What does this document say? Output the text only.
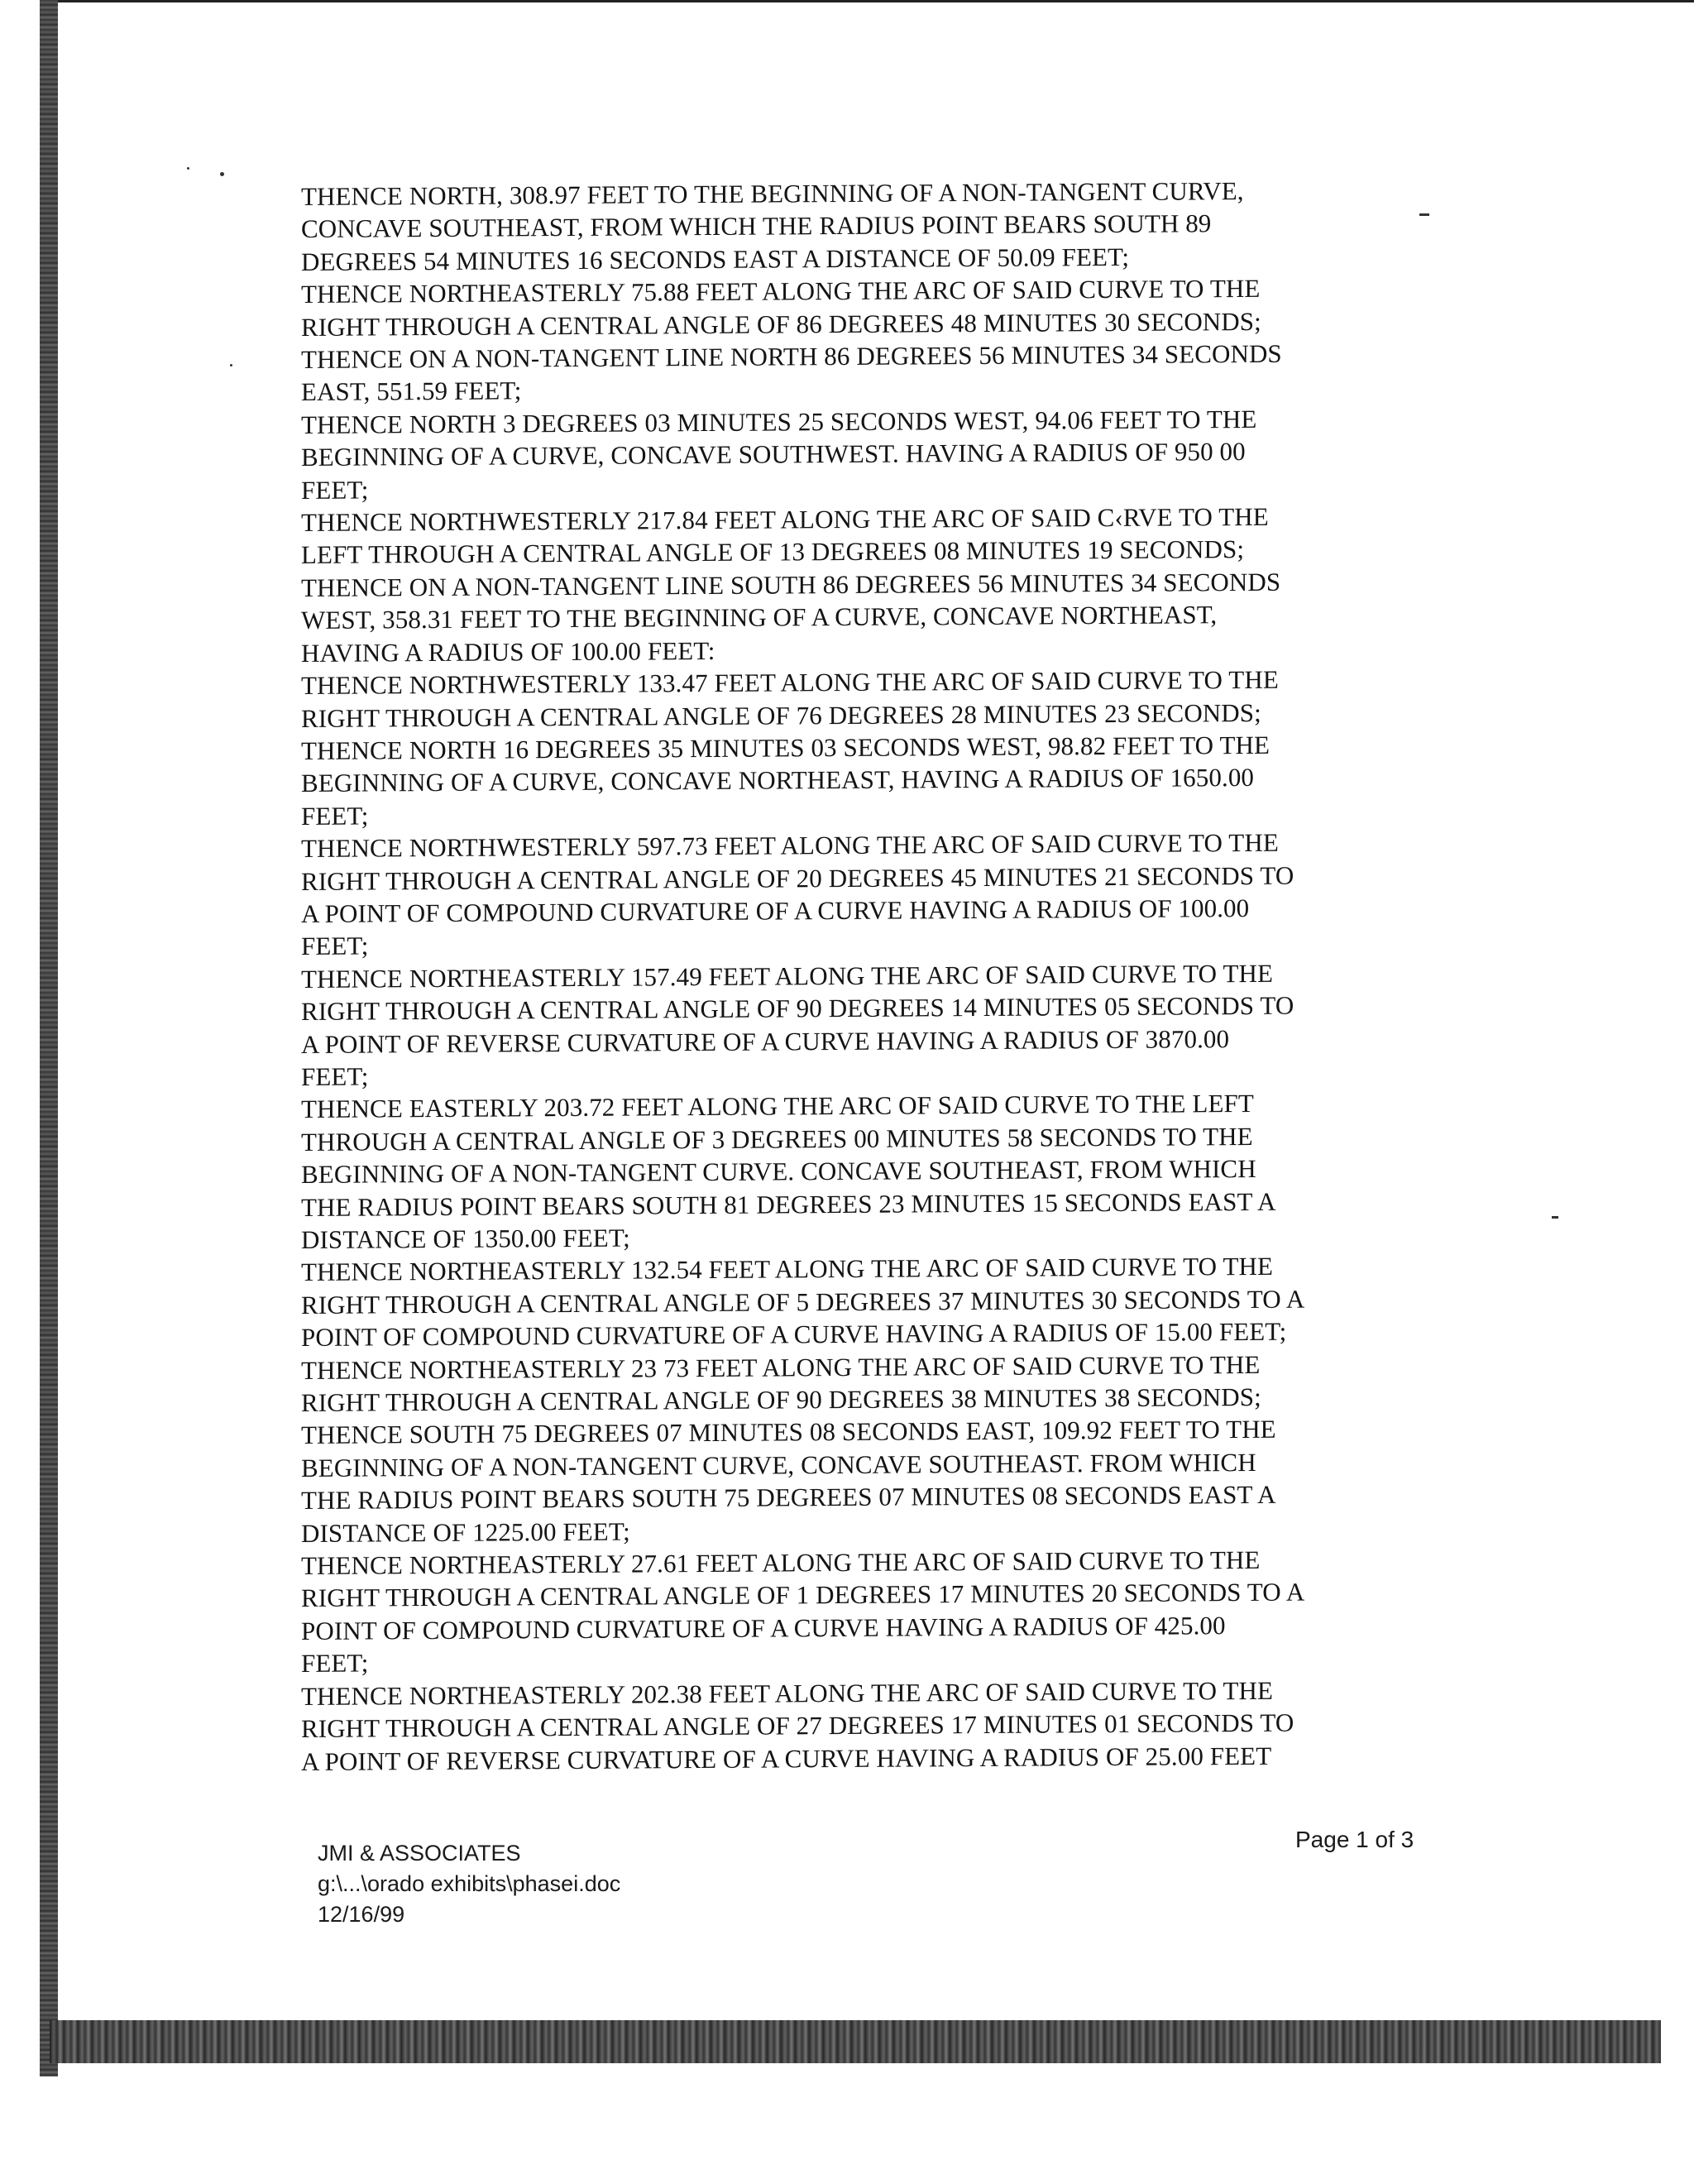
THENCE NORTH, 308.97 FEET TO THE BEGINNING OF A NON-TANGENT CURVE,

CONCAVE SOUTHEAST, FROM WHICH THE RADIUS POINT BEARS SOUTH 89

DEGREES 54 MINUTES 16 SECONDS EAST A DISTANCE OF 50.09 FEET;

THENCE NORTHEASTERLY 75.88 FEET ALONG THE ARC OF SAID CURVE TO THE

RIGHT THROUGH A CENTRAL ANGLE OF 86 DEGREES 48 MINUTES 30 SECONDS;

THENCE ON A NON-TANGENT LINE NORTH 86 DEGREES 56 MINUTES 34 SECONDS

EAST, 551.59 FEET;

THENCE NORTH 3 DEGREES 03 MINUTES 25 SECONDS WEST, 94.06 FEET TO THE

BEGINNING OF A CURVE, CONCAVE SOUTHWEST. HAVING A RADIUS OF 950 00

FEET;

THENCE NORTHWESTERLY 217.84 FEET ALONG THE ARC OF SAID C‹RVE TO THE

LEFT THROUGH A CENTRAL ANGLE OF 13 DEGREES 08 MINUTES 19 SECONDS;

THENCE ON A NON-TANGENT LINE SOUTH 86 DEGREES 56 MINUTES 34 SECONDS

WEST, 358.31 FEET TO THE BEGINNING OF A CURVE, CONCAVE NORTHEAST,

HAVING A RADIUS OF 100.00 FEET:

THENCE NORTHWESTERLY 133.47 FEET ALONG THE ARC OF SAID CURVE TO THE

RIGHT THROUGH A CENTRAL ANGLE OF 76 DEGREES 28 MINUTES 23 SECONDS;

THENCE NORTH 16 DEGREES 35 MINUTES 03 SECONDS WEST, 98.82 FEET TO THE

BEGINNING OF A CURVE, CONCAVE NORTHEAST, HAVING A RADIUS OF 1650.00

FEET;

THENCE NORTHWESTERLY 597.73 FEET ALONG THE ARC OF SAID CURVE TO THE

RIGHT THROUGH A CENTRAL ANGLE OF 20 DEGREES 45 MINUTES 21 SECONDS TO

A POINT OF COMPOUND CURVATURE OF A CURVE HAVING A RADIUS OF 100.00

FEET;

THENCE NORTHEASTERLY 157.49 FEET ALONG THE ARC OF SAID CURVE TO THE

RIGHT THROUGH A CENTRAL ANGLE OF 90 DEGREES 14 MINUTES 05 SECONDS TO

A POINT OF REVERSE CURVATURE OF A CURVE HAVING A RADIUS OF 3870.00

FEET;

THENCE EASTERLY 203.72 FEET ALONG THE ARC OF SAID CURVE TO THE LEFT

THROUGH A CENTRAL ANGLE OF 3 DEGREES 00 MINUTES 58 SECONDS TO THE

BEGINNING OF A NON-TANGENT CURVE. CONCAVE SOUTHEAST, FROM WHICH

THE RADIUS POINT BEARS SOUTH 81 DEGREES 23 MINUTES 15 SECONDS EAST A

DISTANCE OF 1350.00 FEET;

THENCE NORTHEASTERLY 132.54 FEET ALONG THE ARC OF SAID CURVE TO THE

RIGHT THROUGH A CENTRAL ANGLE OF 5 DEGREES 37 MINUTES 30 SECONDS TO A

POINT OF COMPOUND CURVATURE OF A CURVE HAVING A RADIUS OF 15.00 FEET;

THENCE NORTHEASTERLY 23 73 FEET ALONG THE ARC OF SAID CURVE TO THE

RIGHT THROUGH A CENTRAL ANGLE OF 90 DEGREES 38 MINUTES 38 SECONDS;

THENCE SOUTH 75 DEGREES 07 MINUTES 08 SECONDS EAST, 109.92 FEET TO THE

BEGINNING OF A NON-TANGENT CURVE, CONCAVE SOUTHEAST. FROM WHICH

THE RADIUS POINT BEARS SOUTH 75 DEGREES 07 MINUTES 08 SECONDS EAST A

DISTANCE OF 1225.00 FEET;

THENCE NORTHEASTERLY 27.61 FEET ALONG THE ARC OF SAID CURVE TO THE

RIGHT THROUGH A CENTRAL ANGLE OF 1 DEGREES 17 MINUTES 20 SECONDS TO A

POINT OF COMPOUND CURVATURE OF A CURVE HAVING A RADIUS OF 425.00

FEET;

THENCE NORTHEASTERLY 202.38 FEET ALONG THE ARC OF SAID CURVE TO THE

RIGHT THROUGH A CENTRAL ANGLE OF 27 DEGREES 17 MINUTES 01 SECONDS TO

A POINT OF REVERSE CURVATURE OF A CURVE HAVING A RADIUS OF 25.00 FEET

JMI & ASSOCIATES
g:\...\orado exhibits\phasei.doc
12/16/99
Page 1 of 3
